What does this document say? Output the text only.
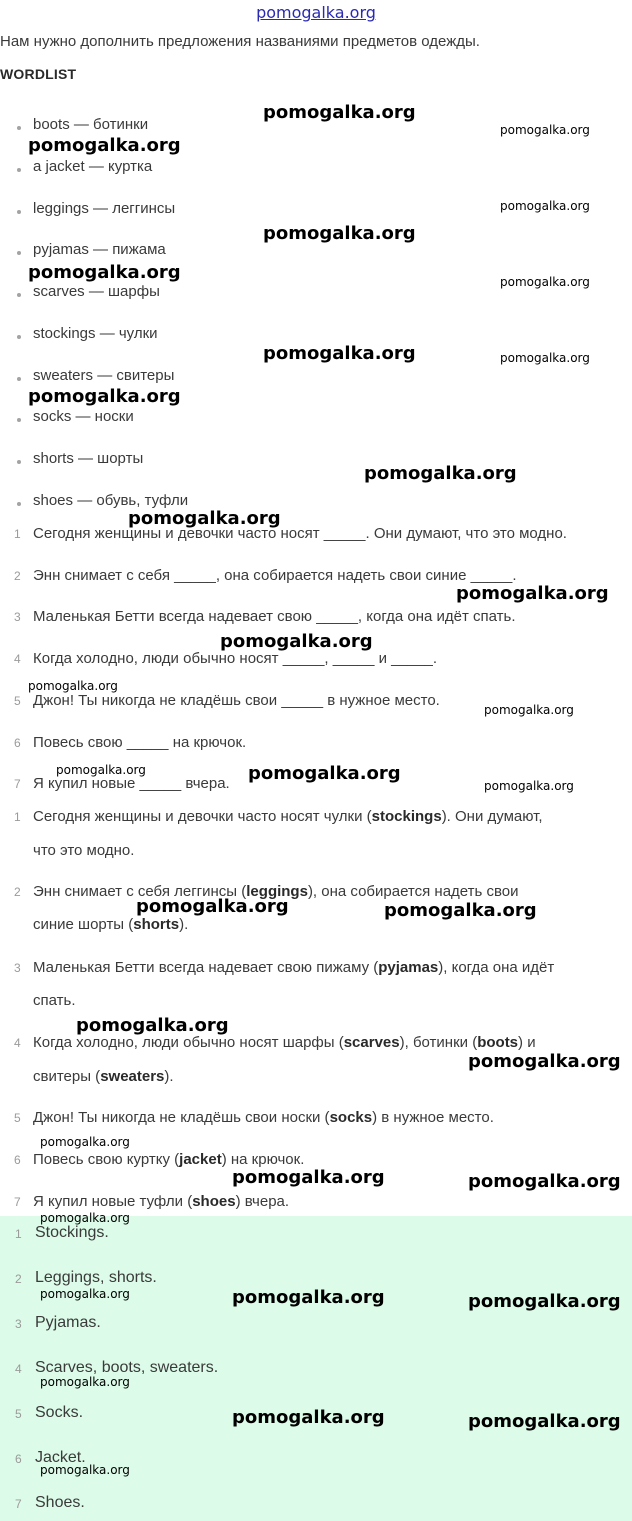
pomogalka.org
Нам нужно дополнить предложения названиями предметов одежды.
WORDLIST
boots — ботинки
a jacket — куртка
leggings — леггинсы
pyjamas — пижама
scarves — шарфы
stockings — чулки
sweaters — свитеры
socks — носки
shorts — шорты
shoes — обувь, туфли
1 Сегодня женщины и девочки часто носят _____. Они думают, что это модно.
2 Энн снимает с себя _____, она собирается надеть свои синие _____.
3 Маленькая Бетти всегда надевает свою _____, когда она идёт спать.
4 Когда холодно, люди обычно носят _____, _____ и _____.
5 Джон! Ты никогда не кладёшь свои _____ в нужное место.
6 Повесь свою _____ на крючок.
7 Я купил новые _____ вчера.
1 Сегодня женщины и девочки часто носят чулки (stockings). Они думают,
что это модно.
2 Энн снимает с себя леггинсы (leggings), она собирается надеть свои
синие шорты (shorts).
3 Маленькая Бетти всегда надевает свою пижаму (pyjamas), когда она идёт
спать.
4 Когда холодно, люди обычно носят шарфы (scarves), ботинки (boots) и
свитеры (sweaters).
5 Джон! Ты никогда не кладёшь свои носки (socks) в нужное место.
6 Повесь свою куртку (jacket) на крючок.
7 Я купил новые туфли (shoes) вчера.
1 Stockings.
2 Leggings, shorts.
3 Pyjamas.
4 Scarves, boots, sweaters.
5 Socks.
6 Jacket.
7 Shoes.
pomogalka.org
pomogalka.org
pomogalka.org
pomogalka.org
pomogalka.org
pomogalka.org	pomogalka.org
pomogalka.org	pomogalka.org
pomogalka.org
pomogalka.org
pomogalka.org
pomogalka.org
pomogalka.org
pomogalka.org
pomogalka.org
pomogalka.org	pomogalka.org
pomogalka.org
pomogalka.org	pomogalka.org
pomogalka.org
pomogalka.org
pomogalka.org
pomogalka.org	pomogalka.org
pomogalka.org
pomogalka.org	pomogalka.org	pomogalka.org
pomogalka.org
pomogalka.org	pomogalka.org
pomogalka.org
